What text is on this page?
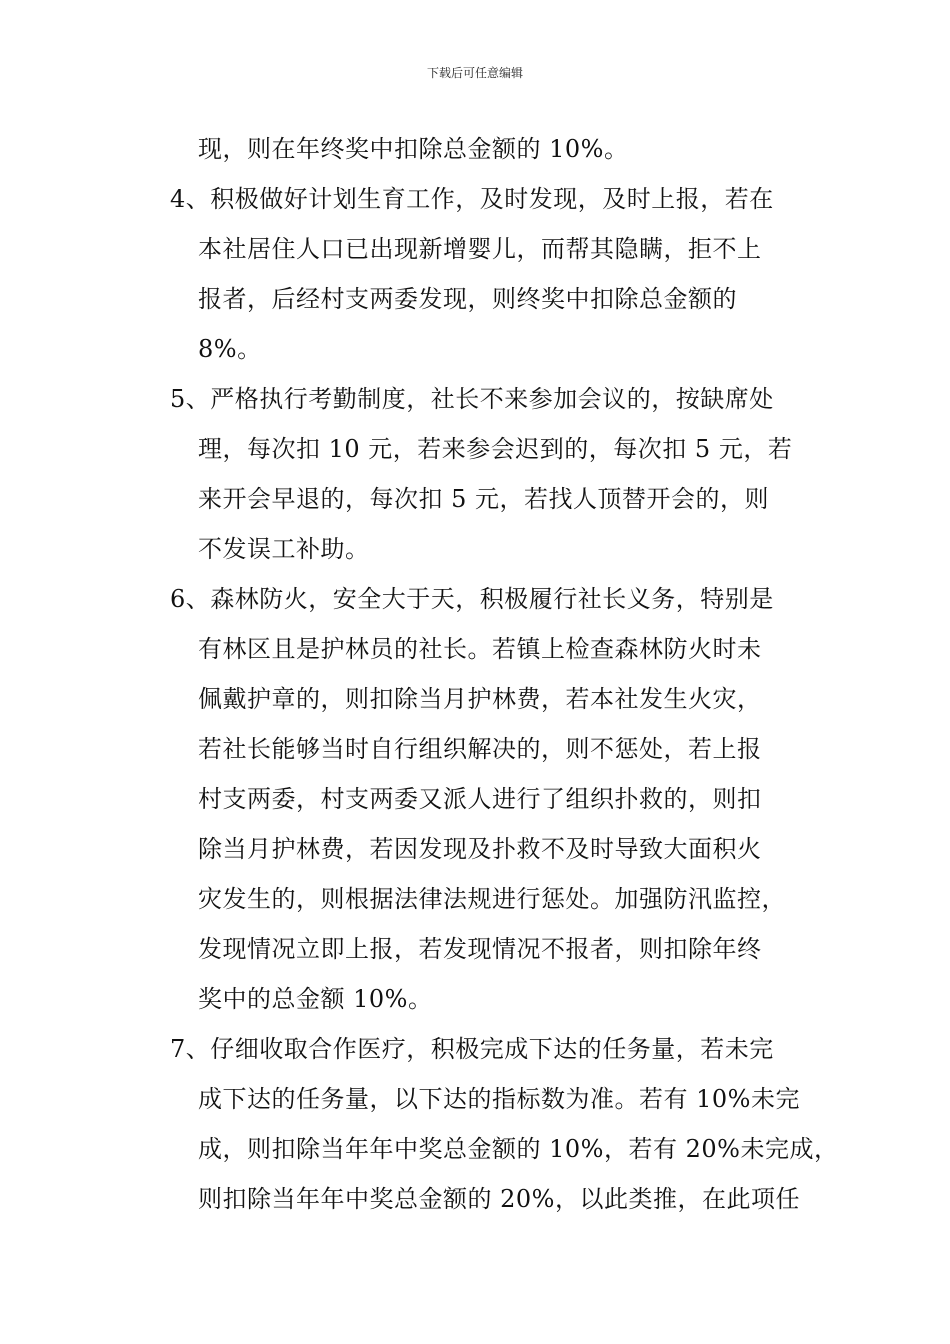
下载后可任意编辑
现，则在年终奖中扣除总金额的 10%。
4、积极做好计划生育工作，及时发现，及时上报，若在
本社居住人口已出现新增婴儿，而帮其隐瞒，拒不上
报者，后经村支两委发现，则终奖中扣除总金额的
8%。
5、严格执行考勤制度，社长不来参加会议的，按缺席处
理，每次扣 10 元，若来参会迟到的，每次扣 5 元，若
来开会早退的，每次扣 5 元，若找人顶替开会的，则
不发误工补助。
6、森林防火，安全大于天，积极履行社长义务，特别是
有林区且是护林员的社长。若镇上检查森林防火时未
佩戴护章的，则扣除当月护林费，若本社发生火灾，
若社长能够当时自行组织解决的，则不惩处，若上报
村支两委，村支两委又派人进行了组织扑救的，则扣
除当月护林费，若因发现及扑救不及时导致大面积火
灾发生的，则根据法律法规进行惩处。加强防汛监控，
发现情况立即上报，若发现情况不报者，则扣除年终
奖中的总金额 10%。
7、仔细收取合作医疗，积极完成下达的任务量，若未完
成下达的任务量，以下达的指标数为准。若有 10%未完
成，则扣除当年年中奖总金额的 10%，若有 20%未完成，
则扣除当年年中奖总金额的 20%，以此类推，在此项任
